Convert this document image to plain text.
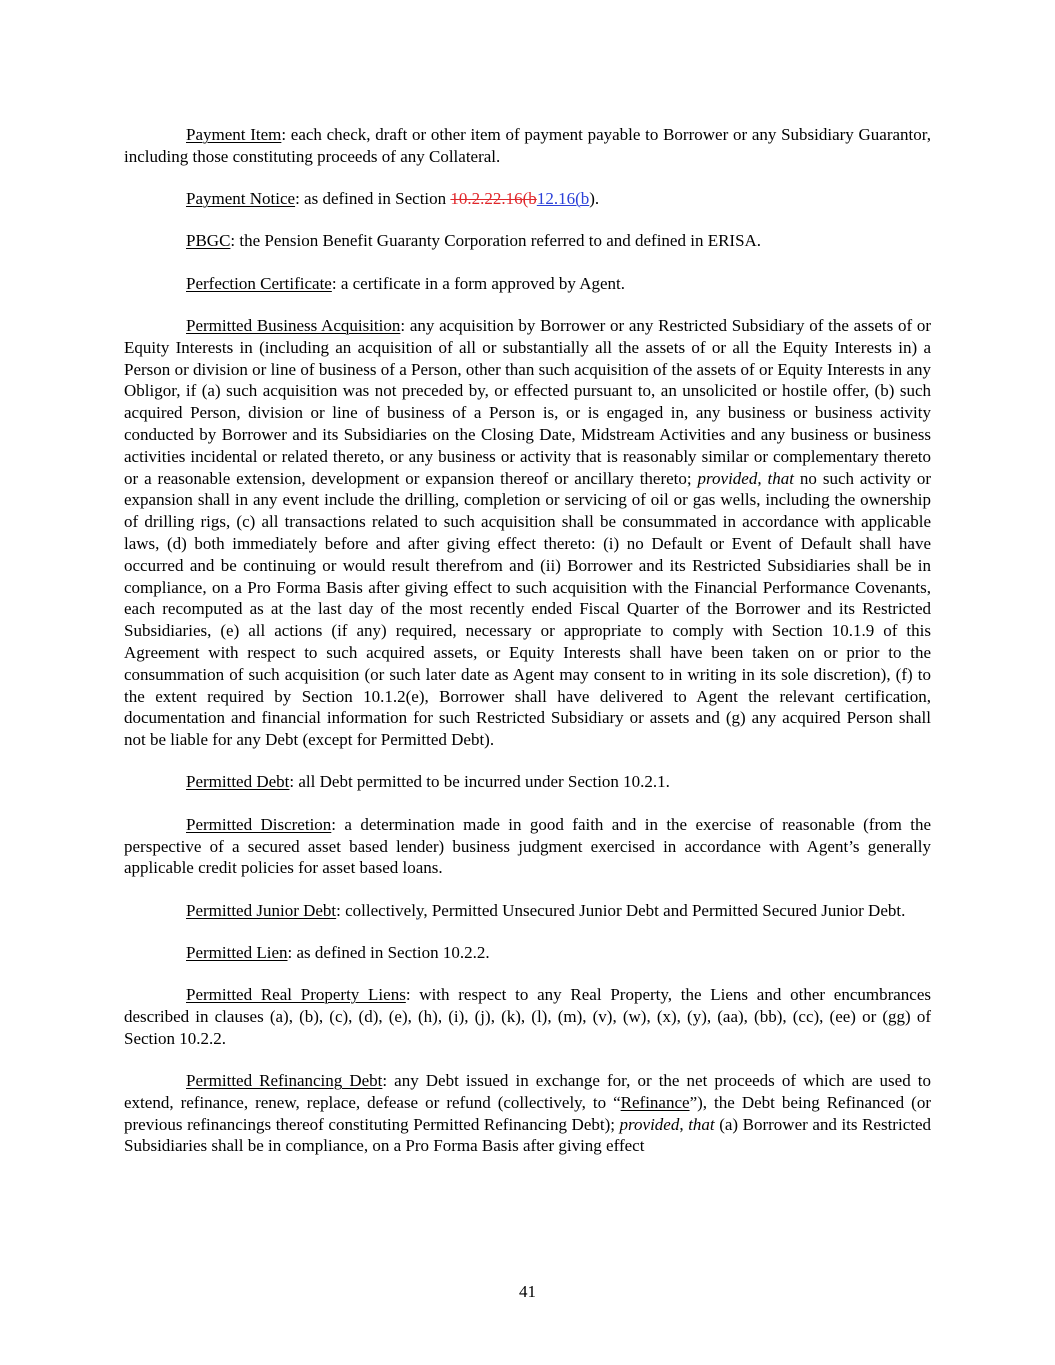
Payment Item: each check, draft or other item of payment payable to Borrower or any Subsidiary Guarantor, including those constituting proceeds of any Collateral.

Payment Notice: as defined in Section 10.2.22.16(b12.16(b).

PBGC: the Pension Benefit Guaranty Corporation referred to and defined in ERISA.

Perfection Certificate: a certificate in a form approved by Agent.

Permitted Business Acquisition: any acquisition by Borrower or any Restricted Subsidiary of the assets of or Equity Interests in (including an acquisition of all or substantially all the assets of or all the Equity Interests in) a Person or division or line of business of a Person, other than such acquisition of the assets of or Equity Interests in any Obligor, if (a) such acquisition was not preceded by, or effected pursuant to, an unsolicited or hostile offer, (b) such acquired Person, division or line of business of a Person is, or is engaged in, any business or business activity conducted by Borrower and its Subsidiaries on the Closing Date, Midstream Activities and any business or business activities incidental or related thereto, or any business or activity that is reasonably similar or complementary thereto or a reasonable extension, development or expansion thereof or ancillary thereto; provided, that no such activity or expansion shall in any event include the drilling, completion or servicing of oil or gas wells, including the ownership of drilling rigs, (c) all transactions related to such acquisition shall be consummated in accordance with applicable laws, (d) both immediately before and after giving effect thereto: (i) no Default or Event of Default shall have occurred and be continuing or would result therefrom and (ii) Borrower and its Restricted Subsidiaries shall be in compliance, on a Pro Forma Basis after giving effect to such acquisition with the Financial Performance Covenants, each recomputed as at the last day of the most recently ended Fiscal Quarter of the Borrower and its Restricted Subsidiaries, (e) all actions (if any) required, necessary or appropriate to comply with Section 10.1.9 of this Agreement with respect to such acquired assets, or Equity Interests shall have been taken on or prior to the consummation of such acquisition (or such later date as Agent may consent to in writing in its sole discretion), (f) to the extent required by Section 10.1.2(e), Borrower shall have delivered to Agent the relevant certification, documentation and financial information for such Restricted Subsidiary or assets and (g) any acquired Person shall not be liable for any Debt (except for Permitted Debt).

Permitted Debt: all Debt permitted to be incurred under Section 10.2.1.

Permitted Discretion: a determination made in good faith and in the exercise of reasonable (from the perspective of a secured asset based lender) business judgment exercised in accordance with Agent’s generally applicable credit policies for asset based loans.

Permitted Junior Debt: collectively, Permitted Unsecured Junior Debt and Permitted Secured Junior Debt.

Permitted Lien: as defined in Section 10.2.2.

Permitted Real Property Liens: with respect to any Real Property, the Liens and other encumbrances described in clauses (a), (b), (c), (d), (e), (h), (i), (j), (k), (l), (m), (v), (w), (x), (y), (aa), (bb), (cc), (ee) or (gg) of Section 10.2.2.

Permitted Refinancing Debt: any Debt issued in exchange for, or the net proceeds of which are used to extend, refinance, renew, replace, defease or refund (collectively, to “Refinance”), the Debt being Refinanced (or previous refinancings thereof constituting Permitted Refinancing Debt); provided, that (a) Borrower and its Restricted Subsidiaries shall be in compliance, on a Pro Forma Basis after giving effect

41
